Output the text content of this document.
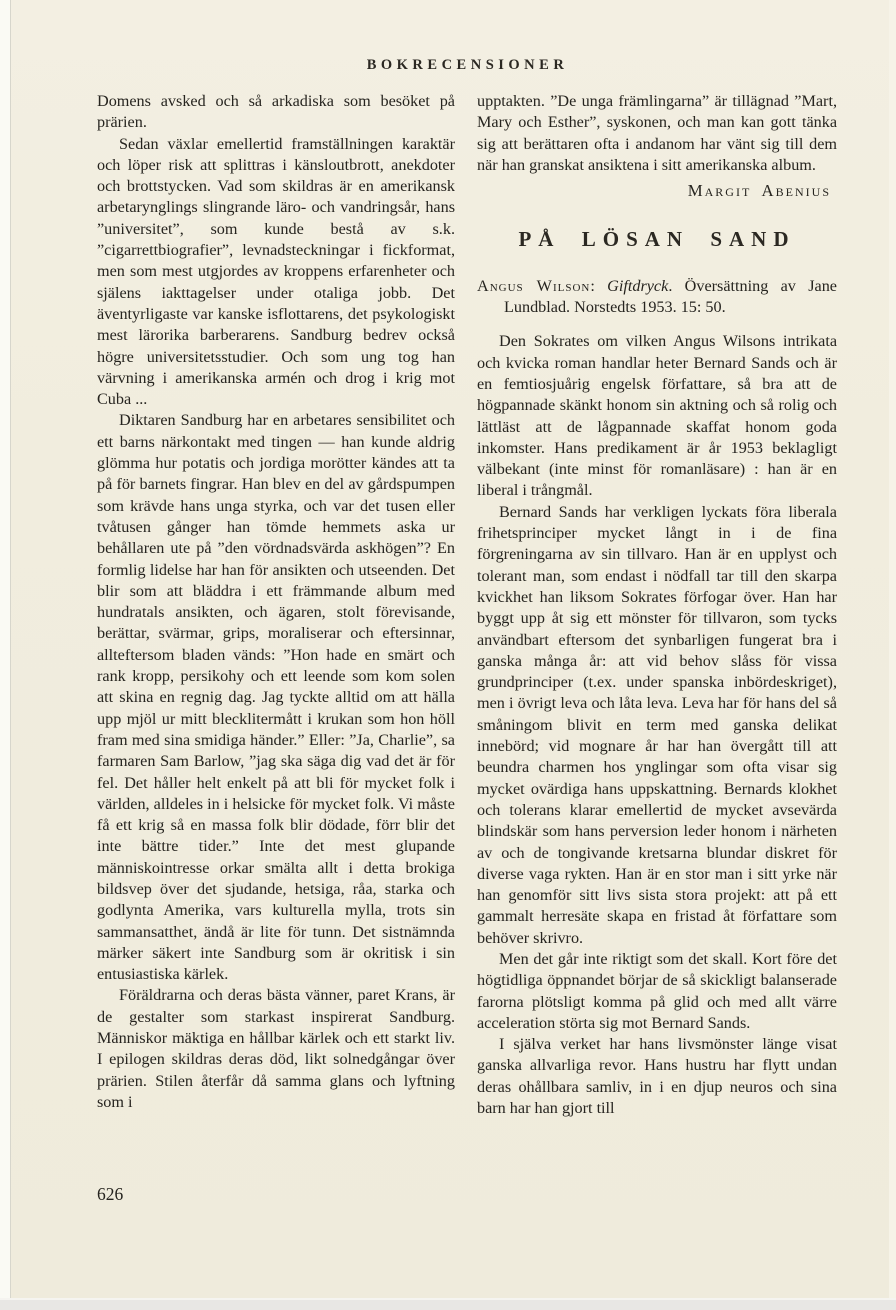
BOKRECENSIONER

Domens avsked och så arkadiska som besöket på prärien.

Sedan växlar emellertid framställningen karaktär och löper risk att splittras i känsloutbrott, anekdoter och brottstycken. Vad som skildras är en amerikansk arbetarynglings slingrande läro- och vandringsår, hans ”universitet”, som kunde bestå av s.k. ”cigarrettbiografier”, levnadsteckningar i fickformat, men som mest utgjordes av kroppens erfarenheter och själens iakttagelser under otaliga jobb. Det äventyrligaste var kanske isflottarens, det psykologiskt mest lärorika barberarens. Sandburg bedrev också högre universitetsstudier. Och som ung tog han värvning i amerikanska armén och drog i krig mot Cuba ...

Diktaren Sandburg har en arbetares sensibilitet och ett barns närkontakt med tingen — han kunde aldrig glömma hur potatis och jordiga morötter kändes att ta på för barnets fingrar. Han blev en del av gårdspumpen som krävde hans unga styrka, och var det tusen eller tvåtusen gånger han tömde hemmets aska ur behållaren ute på ”den vördnadsvärda askhögen”? En formlig lidelse har han för ansikten och utseenden. Det blir som att bläddra i ett främmande album med hundratals ansikten, och ägaren, stolt förevisande, berättar, svärmar, grips, moraliserar och eftersinnar, allteftersom bladen vänds: ”Hon hade en smärt och rank kropp, persikohy och ett leende som kom solen att skina en regnig dag. Jag tyckte alltid om att hälla upp mjöl ur mitt blecklitermått i krukan som hon höll fram med sina smidiga händer.” Eller: ”Ja, Charlie”, sa farmaren Sam Barlow, ”jag ska säga dig vad det är för fel. Det håller helt enkelt på att bli för mycket folk i världen, alldeles in i helsicke för mycket folk. Vi måste få ett krig så en massa folk blir dödade, förr blir det inte bättre tider.” Inte det mest glupande människointresse orkar smälta allt i detta brokiga bildsvep över det sjudande, hetsiga, råa, starka och godlynta Amerika, vars kulturella mylla, trots sin sammansatthet, ändå är lite för tunn. Det sistnämnda märker säkert inte Sandburg som är okritisk i sin entusiastiska kärlek.

Föräldrarna och deras bästa vänner, paret Krans, är de gestalter som starkast inspirerat Sandburg. Människor mäktiga en hållbar kärlek och ett starkt liv. I epilogen skildras deras död, likt solnedgångar över prärien. Stilen återfår då samma glans och lyftning som i

upptakten. ”De unga främlingarna” är tillägnad ”Mart, Mary och Esther”, syskonen, och man kan gott tänka sig att berättaren ofta i andanom har vänt sig till dem när han granskat ansiktena i sitt amerikanska album.

Margit Abenius
PÅ LÖSAN SAND

Angus Wilson: Giftdryck. Översättning av Jane Lundblad. Norstedts 1953. 15: 50.

Den Sokrates om vilken Angus Wilsons intrikata och kvicka roman handlar heter Bernard Sands och är en femtiosjuårig engelsk författare, så bra att de högpannade skänkt honom sin aktning och så rolig och lättläst att de lågpannade skaffat honom goda inkomster. Hans predikament är år 1953 beklagligt välbekant (inte minst för romanläsare) : han är en liberal i trångmål.

Bernard Sands har verkligen lyckats föra liberala frihetsprinciper mycket långt in i de fina förgreningarna av sin tillvaro. Han är en upplyst och tolerant man, som endast i nödfall tar till den skarpa kvickhet han liksom Sokrates förfogar över. Han har byggt upp åt sig ett mönster för tillvaron, som tycks användbart eftersom det synbarligen fungerat bra i ganska många år: att vid behov slåss för vissa grundprinciper (t.ex. under spanska inbördeskriget), men i övrigt leva och låta leva. Leva har för hans del så småningom blivit en term med ganska delikat innebörd; vid mognare år har han övergått till att beundra charmen hos ynglingar som ofta visar sig mycket ovärdiga hans uppskattning. Bernards klokhet och tolerans klarar emellertid de mycket avsevärda blindskär som hans perversion leder honom i närheten av och de tongivande kretsarna blundar diskret för diverse vaga rykten. Han är en stor man i sitt yrke när han genomför sitt livs sista stora projekt: att på ett gammalt herresäte skapa en fristad åt författare som behöver skrivro.

Men det går inte riktigt som det skall. Kort före det högtidliga öppnandet börjar de så skickligt balanserade farorna plötsligt komma på glid och med allt värre acceleration störta sig mot Bernard Sands.

I själva verket har hans livsmönster länge visat ganska allvarliga revor. Hans hustru har flytt undan deras ohållbara samliv, in i en djup neuros och sina barn har han gjort till

626
